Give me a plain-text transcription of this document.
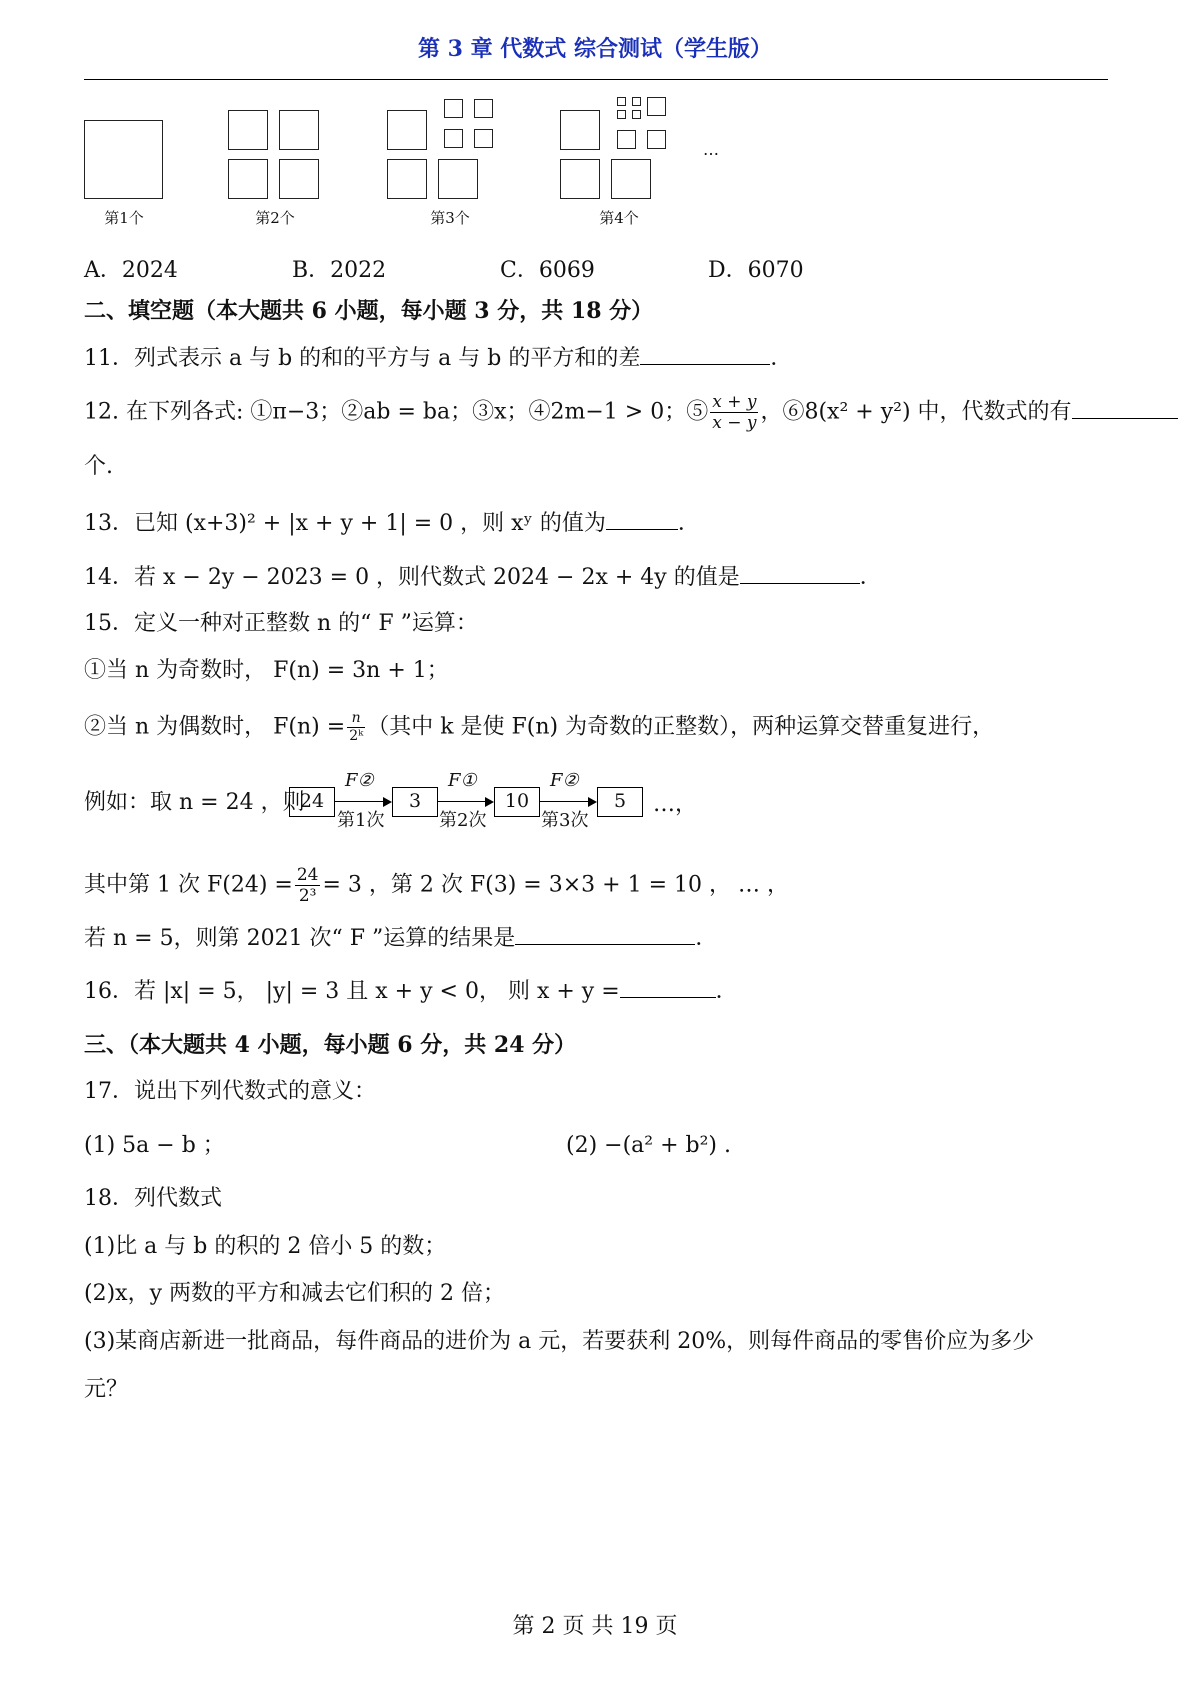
第 3 章 代数式 综合测试（学生版）
…
第1个	第2个	第3个	第4个
A．2024	B．2022	C．6069	D．6070
二、填空题（本大题共 6 小题，每小题 3 分，共 18 分）
11．列式表示 a 与 b 的和的平方与 a 与 b 的平方和的差	．
12. 在下列各式: ①π−3；②ab = ba；③x；④2m−1 > 0；⑤ $\frac{x + y}{x - y}$ ，⑥8(x² + y²) 中，代数式的有
个.
13．已知 (x+3)² + |x + y + 1| = 0 ，则 xʸ 的值为	．
14．若 x − 2y − 2023 = 0 ，则代数式 2024 − 2x + 4y 的值是	．
15．定义一种对正整数 n 的“ F ”运算：
①当 n 为奇数时， F(n) = 3n + 1；
②当 n 为偶数时， $F(n) = \frac{n}{\text{2ᵏ}}$ （其中 k 是使 F(n) 为奇数的正整数），两种运算交替重复进行，
例如：取 n = 24 ，则
24	3	10	5
F②	F①	F②
第1次	第2次	第3次
…，
其中第 1 次 $F(24) = \frac{24}{\text{2³}} = 3$ ，第 2 次 F(3) = 3×3 + 1 = 10 ， … ，
若 n = 5，则第 2021 次“ F ”运算的结果是	．
16．若 |x| = 5， |y| = 3 且 x + y < 0， 则 x + y =	．
三、（本大题共 4 小题，每小题 6 分，共 24 分）
17．说出下列代数式的意义：
(1) 5a − b ；	(2) −(a² + b²) .
18．列代数式
(1)比 a 与 b 的积的 2 倍小 5 的数；
(2)x，y 两数的平方和减去它们积的 2 倍；
(3)某商店新进一批商品，每件商品的进价为 a 元，若要获利 20%，则每件商品的零售价应为多少
元？
第 2 页 共 19 页
